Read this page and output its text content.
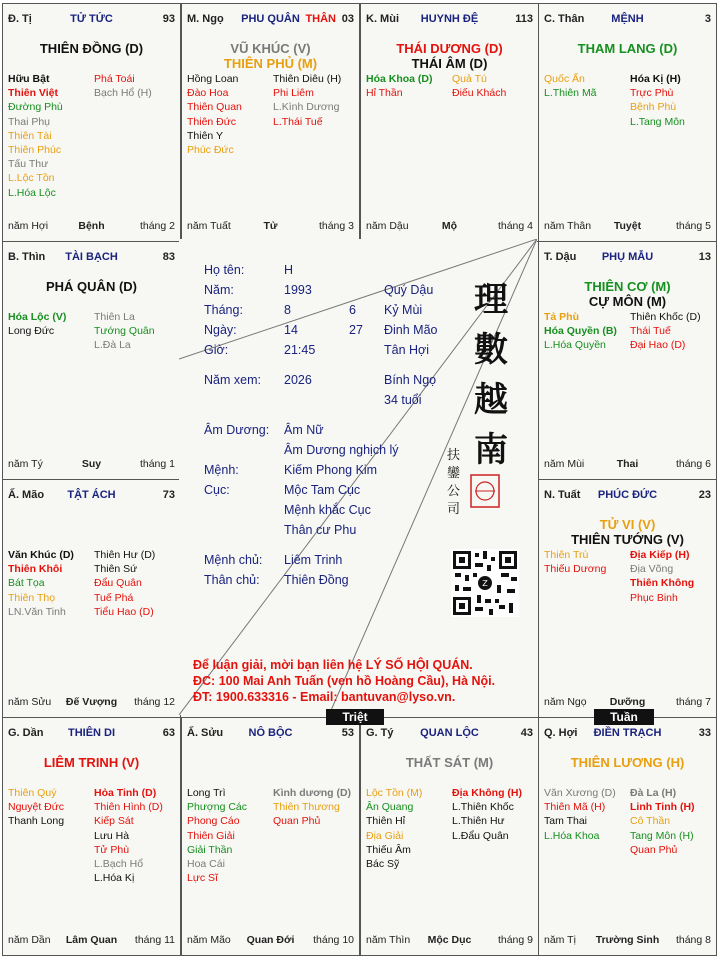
Đ. Tị	TỬ TỨC	93
THIÊN ĐỒNG (D)
Hữu Bật
Thiên Việt
Đường Phù
Thai Phụ
Thiên Tài
Thiên Phúc
Tấu Thư
L.Lộc Tồn
L.Hóa Lộc
Phá Toái
Bạch Hổ (H)
năm Hợi	Bệnh	tháng 2
M. Ngọ	PHU QUÂN THÂN 03
VŨ KHÚC (V)
THIÊN PHỦ (M)
Hồng Loan
Đào Hoa
Thiên Quan
Thiên Đức
Thiên Y
Phúc Đức
Thiên Diêu (H)
Phi Liêm
L.Kình Dương
L.Thái Tuế
năm Tuất	Tử	tháng 3
K. Mùi	HUYNH ĐỆ	113
THÁI DƯƠNG (D)
THÁI ÂM (D)
Hóa Khoa (D)
Hỉ Thần
Quả Tú
Điếu Khách
năm Dậu	Mộ	tháng 4
C. Thân	MỆNH	3
THAM LANG (D)
Quốc Ấn
L.Thiên Mã
Hóa Kị (H)
Trực Phù
Bệnh Phù
L.Tang Môn
năm Thân	Tuyệt	tháng 5
B. Thìn	TÀI BẠCH	83
PHÁ QUÂN (D)
Hóa Lộc (V)
Long Đức
Thiên La
Tướng Quân
L.Đà La
năm Tý	Suy	tháng 1
T. Dậu	PHỤ MẪU	13
THIÊN CƠ (M)
CỰ MÔN (M)
Tả Phù
Hóa Quyền (B)
L.Hóa Quyền
Thiên Khốc (D)
Thái Tuế
Đại Hao (D)
năm Mùi	Thai	tháng 6
Ấ. Mão	TẬT ÁCH	73
Văn Khúc (D)
Thiên Khôi
Bát Tọa
Thiên Thọ
LN.Văn Tinh
Thiên Hư (D)
Thiên Sứ
Đẩu Quân
Tuế Phá
Tiểu Hao (D)
năm Sửu	Đế Vượng	tháng 12
N. Tuất	PHÚC ĐỨC	23
TỬ VI (V)
THIÊN TƯỚNG (V)
Thiên Trù
Thiếu Dương
Địa Kiếp (H)
Địa Võng
Thiên Không
Phục Binh
năm Ngọ	Dưỡng	tháng 7
G. Dần	THIÊN DI	63
LIÊM TRINH (V)
Thiên Quý
Nguyệt Đức
Thanh Long
Hỏa Tinh (D)
Thiên Hình (D)
Kiếp Sát
Lưu Hà
Tử Phù
L.Bạch Hổ
L.Hóa Kị
năm Dần	Lâm Quan	tháng 11
Ấ. Sửu	NÔ BỘC	53
Long Trì
Phượng Các
Phong Cáo
Thiên Giải
Giải Thần
Hoa Cái
Lực Sĩ
Kình dương (D)
Thiên Thương
Quan Phủ
năm Mão	Quan Đới	tháng 10
G. Tý	QUAN LỘC	43
THẤT SÁT (M)
Lộc Tồn (M)
Ân Quang
Thiên Hỉ
Địa Giải
Thiếu Âm
Bác Sỹ
Địa Không (H)
L.Thiên Khốc
L.Thiên Hư
L.Đẩu Quân
năm Thìn	Mộc Dục	tháng 9
Q. Hợi	ĐIỀN TRẠCH	33
THIÊN LƯƠNG (H)
Văn Xương (D)
Thiên Mã (H)
Tam Thai
L.Hóa Khoa
Đà La (H)
Linh Tinh (H)
Cô Thần
Tang Môn (H)
Quan Phủ
năm Tị	Trường Sinh	tháng 8
Z
Họ tên:	H
Năm:	1993	Quý Dậu
Tháng:	8	6 Kỷ Mùi
Ngày:	14	27 Đinh Mão
Giờ:	21:45	Tân Hợi
Năm xem: 2026	Bính Ngọ
34 tuổi
Âm Dương: Âm Nữ
Âm Dương nghịch lý
Mệnh:	Kiếm Phong Kim
Cục:	Mộc Tam Cục
Mệnh khắc Cục
Thân cư Phu
Mệnh chủ: Liêm Trinh
Thân chủ: Thiên Đồng
理
數
越
南
扶 鑾 公 司
Để luận giải, mời bạn liên hệ LÝ SỐ HỘI QUÁN.
ĐC: 100 Mai Anh Tuấn (ven hồ Hoàng Cầu), Hà Nội.
ĐT: 1900.633316 - Email: bantuvan@lyso.vn.
Triệt	Tuần
